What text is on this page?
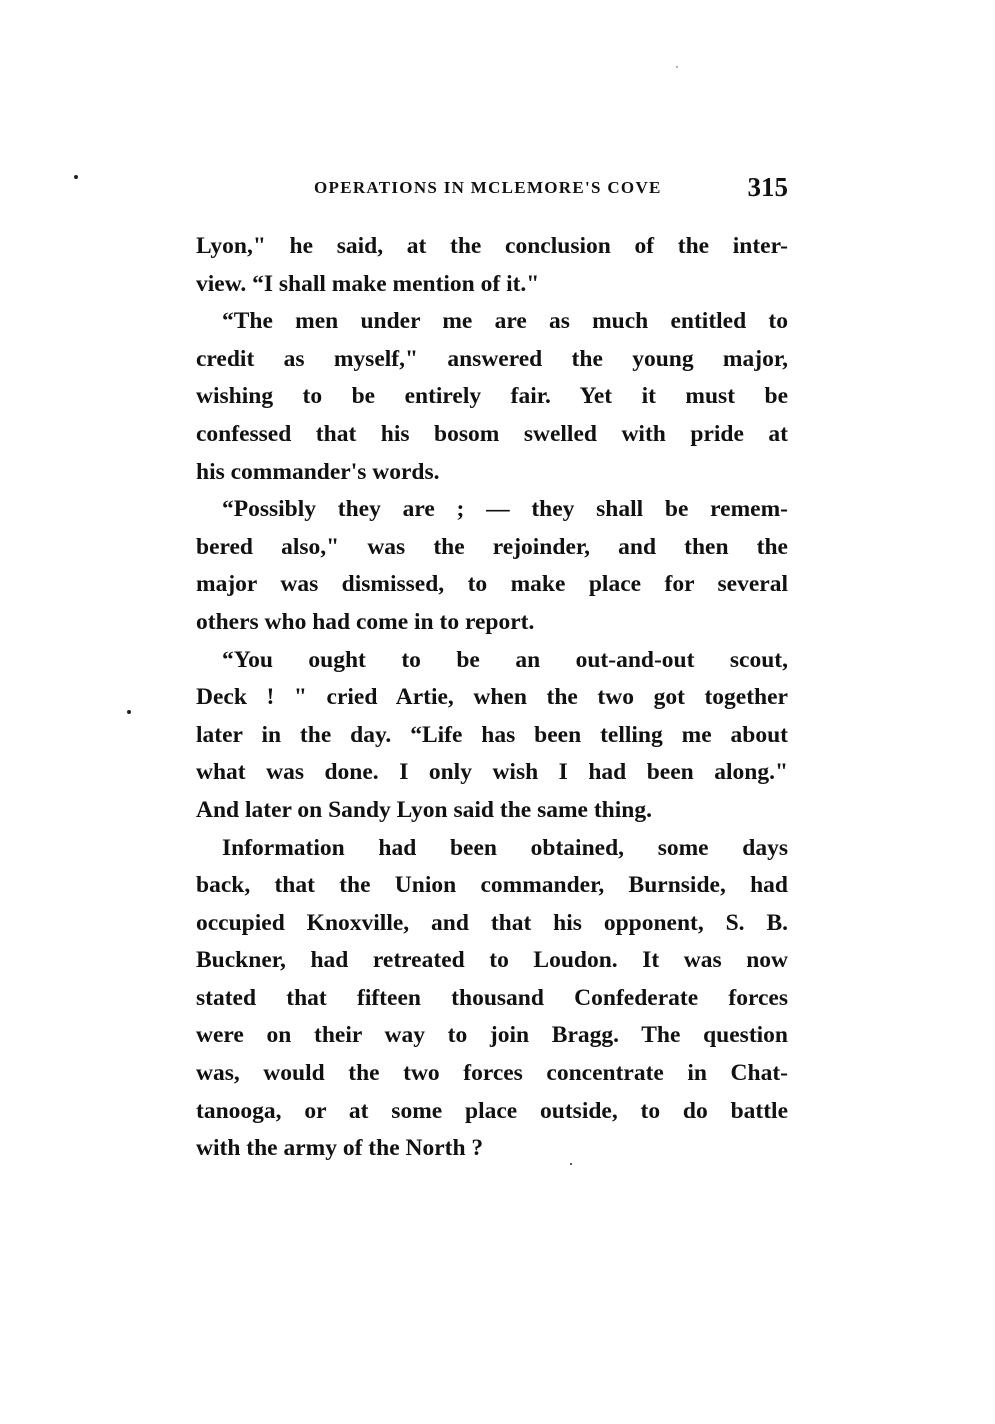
OPERATIONS IN MCLEMORE'S COVE	315
Lyon," he said, at the conclusion of the inter-
view. “I shall make mention of it."
“The men under me are as much entitled to
credit as myself," answered the young major,
wishing to be entirely fair. Yet it must be
confessed that his bosom swelled with pride at
his commander's words.
“Possibly they are ; — they shall be remem-
bered also," was the rejoinder, and then the
major was dismissed, to make place for several
others who had come in to report.
“You ought to be an out-and-out scout,
Deck ! " cried Artie, when the two got together
later in the day. “Life has been telling me about
what was done. I only wish I had been along."
And later on Sandy Lyon said the same thing.
Information had been obtained, some days
back, that the Union commander, Burnside, had
occupied Knoxville, and that his opponent, S. B.
Buckner, had retreated to Loudon. It was now
stated that fifteen thousand Confederate forces
were on their way to join Bragg. The question
was, would the two forces concentrate in Chat-
tanooga, or at some place outside, to do battle
with the army of the North ?
